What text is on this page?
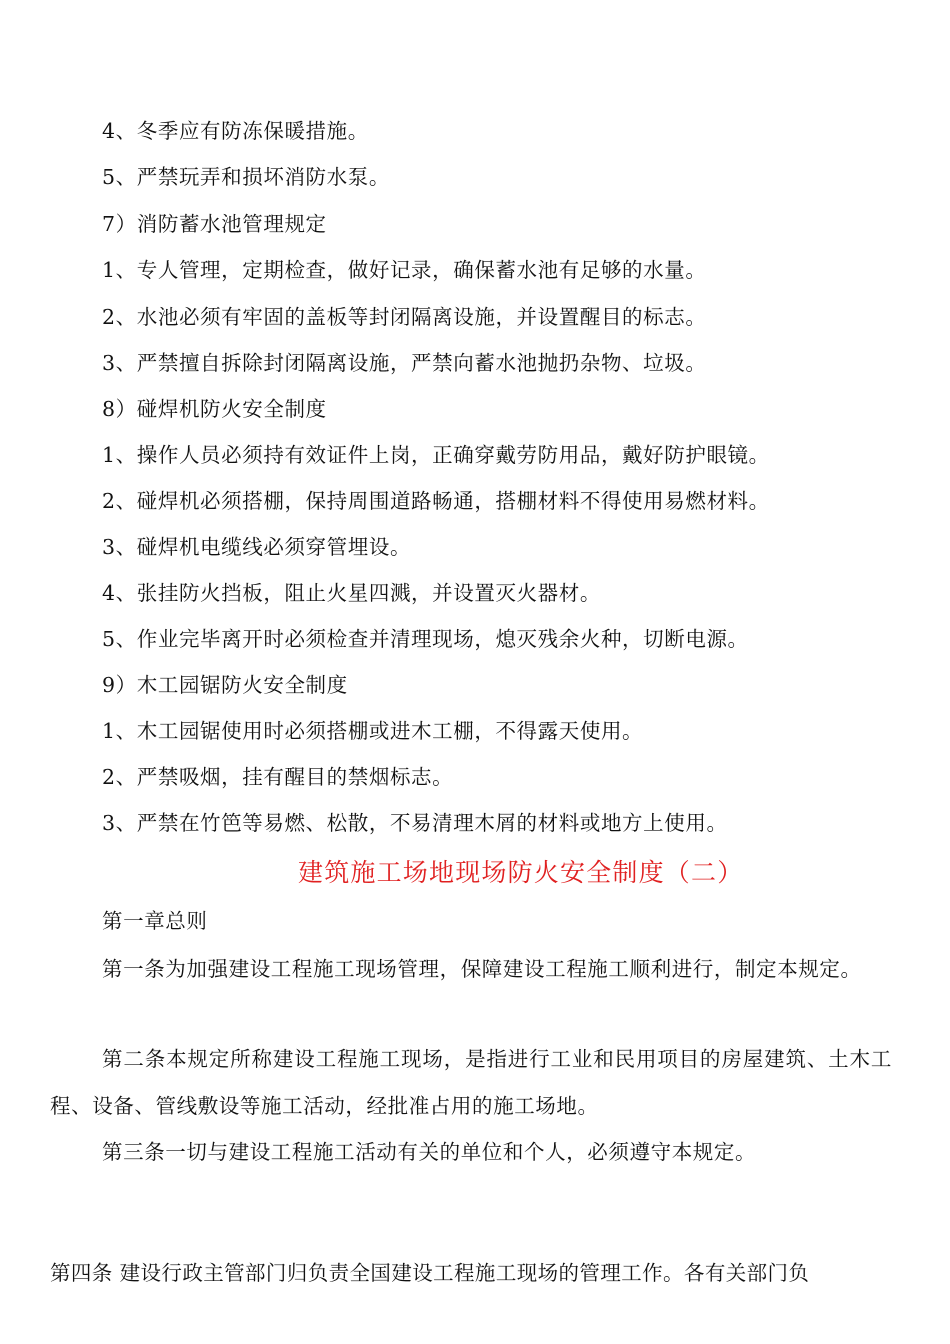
4、冬季应有防冻保暖措施。
5、严禁玩弄和损坏消防水泵。
7）消防蓄水池管理规定
1、专人管理，定期检查，做好记录，确保蓄水池有足够的水量。
2、水池必须有牢固的盖板等封闭隔离设施，并设置醒目的标志。
3、严禁擅自拆除封闭隔离设施，严禁向蓄水池抛扔杂物、垃圾。
8）碰焊机防火安全制度
1、操作人员必须持有效证件上岗，正确穿戴劳防用品，戴好防护眼镜。
2、碰焊机必须搭棚，保持周围道路畅通，搭棚材料不得使用易燃材料。
3、碰焊机电缆线必须穿管埋设。
4、张挂防火挡板，阻止火星四溅，并设置灭火器材。
5、作业完毕离开时必须检查并清理现场，熄灭残余火种，切断电源。
9）木工园锯防火安全制度
1、木工园锯使用时必须搭棚或进木工棚，不得露天使用。
2、严禁吸烟，挂有醒目的禁烟标志。
3、严禁在竹笆等易燃、松散，不易清理木屑的材料或地方上使用。
建筑施工场地现场防火安全制度（二）
第一章总则
第一条为加强建设工程施工现场管理，保障建设工程施工顺利进行，制定本规定。
第二条本规定所称建设工程施工现场，是指进行工业和民用项目的房屋建筑、土木工程、设备、管线敷设等施工活动，经批准占用的施工场地。
第三条一切与建设工程施工活动有关的单位和个人，必须遵守本规定。
第四条 建设行政主管部门归负责全国建设工程施工现场的管理工作。各有关部门负
